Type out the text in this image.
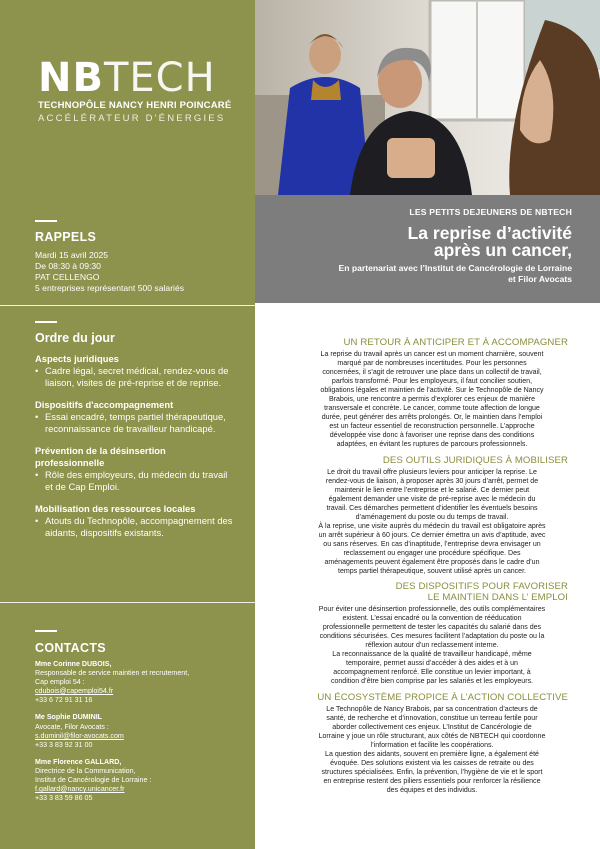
NB TECH
TECHNOPÔLE NANCY HENRI POINCARÉ
ACCÉLÉRATEUR D'ÉNERGIES
RAPPELS
Mardi 15 avril 2025
De 08:30 à 09:30
PAT CELLENGO
5 entreprises représentant 500 salariés
Ordre du jour
Aspects juridiques
• Cadre légal, secret médical, rendez-vous de liaison, visites de pré-reprise et de reprise.
Dispositifs d'accompagnement
• Essai encadré, temps partiel thérapeutique, reconnaissance de travailleur handicapé.
Prévention de la désinsertion professionnelle
• Rôle des employeurs, du médecin du travail et de Cap Emploi.
Mobilisation des ressources locales
• Atouts du Technopôle, accompagnement des aidants, dispositifs existants.
CONTACTS
Mme Corinne DUBOIS,
Responsable de service maintien et recrutement,
Cap emploi 54 :
cdubois@capemploi54.fr
+33 6 72 91 31 16
Me Sophie DUMINIL
Avocate, Filor Avocats :
s.duminil@filor-avocats.com
+33 3 83 92 31 00
Mme Florence GALLARD,
Directrice de la Communication,
Institut de Cancérologie de Lorraine :
f.gallard@nancy.unicancer.fr
+33 3 83 59 86 05
LES PETITS DEJEUNERS DE NBTECH
La reprise d’activité
après un cancer,
En partenariat avec l’Institut de Cancérologie de Lorraine
et Filor Avocats
UN RETOUR À ANTICIPER ET À ACCOMPAGNER
La reprise du travail après un cancer est un moment charnière, souvent
marqué par de nombreuses incertitudes. Pour les personnes
concernées, il s’agit de retrouver une place dans un collectif de travail,
parfois transformé. Pour les employeurs, il faut concilier soutien,
obligations légales et maintien de l’activité. Sur le Technopôle de Nancy
Brabois, une rencontre a permis d’explorer ces enjeux de manière
transversale et concrète. Le cancer, comme toute affection de longue
durée, peut générer des arrêts prolongés. Or, le maintien dans l’emploi
est un facteur essentiel de reconstruction personnelle. L’approche
développée vise donc à favoriser une reprise dans des conditions
adaptées, en évitant les ruptures de parcours professionnels.
DES OUTILS JURIDIQUES À MOBILISER
Le droit du travail offre plusieurs leviers pour anticiper la reprise. Le
rendez-vous de liaison, à proposer après 30 jours d’arrêt, permet de
maintenir le lien entre l’entreprise et le salarié. Ce dernier peut
également demander une visite de pré-reprise avec le médecin du
travail. Ces démarches permettent d’identifier les éventuels besoins
d’aménagement du poste ou du temps de travail.
À la reprise, une visite auprès du médecin du travail est obligatoire après
un arrêt supérieur à 60 jours. Ce dernier émettra un avis d’aptitude, avec
ou sans réserves. En cas d’inaptitude, l’entreprise devra envisager un
reclassement ou engager une procédure spécifique. Des
aménagements peuvent également être proposés dans le cadre d’un
temps partiel thérapeutique, souvent utilisé après un cancer.
DES DISPOSITIFS POUR FAVORISER
LE MAINTIEN DANS L’ EMPLOI
Pour éviter une désinsertion professionnelle, des outils complémentaires
existent. L’essai encadré ou la convention de rééducation
professionnelle permettent de tester les capacités du salarié dans des
conditions sécurisées. Ces mesures facilitent l’adaptation du poste ou la
réflexion autour d’un reclassement interne.
La reconnaissance de la qualité de travailleur handicapé, même
temporaire, permet aussi d’accéder à des aides et à un
accompagnement renforcé. Elle constitue un levier important, à
condition d’être bien comprise par les salariés et les employeurs.
UN ÉCOSYSTÈME PROPICE À L’ACTION COLLECTIVE
Le Technopôle de Nancy Brabois, par sa concentration d’acteurs de
santé, de recherche et d’innovation, constitue un terreau fertile pour
aborder collectivement ces enjeux. L’Institut de Cancérologie de
Lorraine y joue un rôle structurant, aux côtés de NBTECH qui coordonne
l’information et facilite les coopérations.
La question des aidants, souvent en première ligne, a également été
évoquée. Des solutions existent via les caisses de retraite ou des
structures spécialisées. Enfin, la prévention, l’hygiène de vie et le sport
en entreprise restent des piliers essentiels pour renforcer la résilience
des équipes et des individus.
